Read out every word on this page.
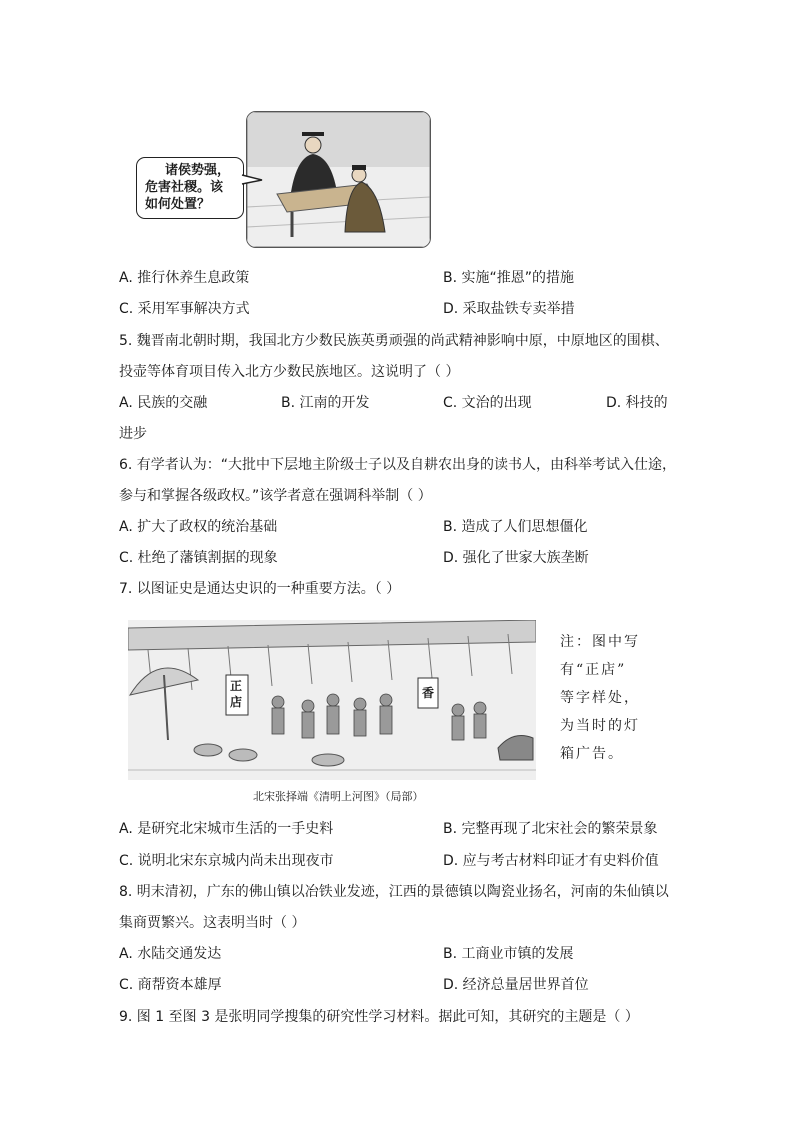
诸侯势强，
危害社稷。该
如何处置？
A. 推行休养生息政策	B. 实施“推恩”的措施
C. 采用军事解决方式	D. 采取盐铁专卖举措
5. 魏晋南北朝时期，我国北方少数民族英勇顽强的尚武精神影响中原，中原地区的围棋、
投壶等体育项目传入北方少数民族地区。这说明了（ ）
A. 民族的交融	B. 江南的开发	C. 文治的出现	D. 科技的
进步
6. 有学者认为：“大批中下层地主阶级士子以及自耕农出身的读书人，由科举考试入仕途，
参与和掌握各级政权。”该学者意在强调科举制（ ）
A. 扩大了政权的统治基础	B. 造成了人们思想僵化
C. 杜绝了藩镇割据的现象	D. 强化了世家大族垄断
7. 以图证史是通达史识的一种重要方法。（ ）
正店
香
注：图中写
有“正店”
等字样处，
为当时的灯
箱广告。
北宋张择端《清明上河图》（局部）
A. 是研究北宋城市生活的一手史料	B. 完整再现了北宋社会的繁荣景象
C. 说明北宋东京城内尚未出现夜市	D. 应与考古材料印证才有史料价值
8. 明末清初，广东的佛山镇以冶铁业发迹，江西的景德镇以陶瓷业扬名，河南的朱仙镇以
集商贾繁兴。这表明当时（ ）
A. 水陆交通发达	B. 工商业市镇的发展
C. 商帮资本雄厚	D. 经济总量居世界首位
9. 图 1 至图 3 是张明同学搜集的研究性学习材料。据此可知，其研究的主题是（ ）
